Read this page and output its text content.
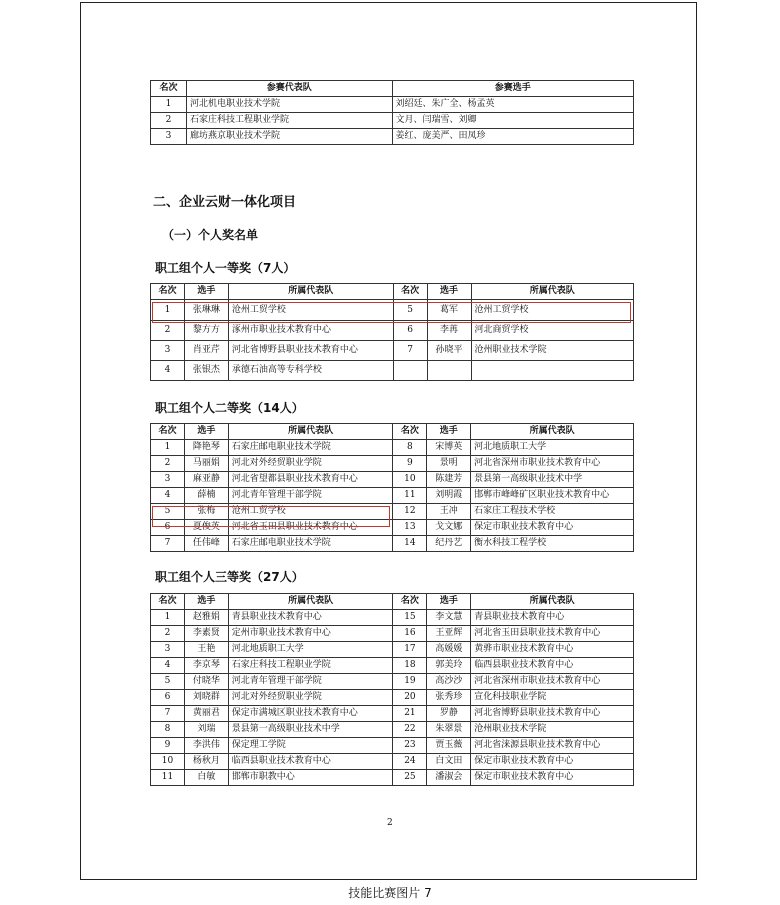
名次	参赛代表队	参赛选手
1	河北机电职业技术学院	刘绍廷、朱广全、杨孟英
2	石家庄科技工程职业学院	文月、闫瑞雪、刘卿
3	廊坊燕京职业技术学院	姜红、庞美严、田凤珍
二、企业云财一体化项目
（一）个人奖名单
职工组个人一等奖（7人）
名次	选手	所属代表队	名次	选手	所属代表队
1	张琳琳	沧州工贸学校	5	葛军	沧州工贸学校
2	黎方方	涿州市职业技术教育中心	6	李苒	河北商贸学校
3	肖亚芹	河北省博野县职业技术教育中心	7	孙晓平	沧州职业技术学院
4	张银杰	承德石油高等专科学校			
职工组个人二等奖（14人）
名次	选手	所属代表队	名次	选手	所属代表队
1	降艳琴	石家庄邮电职业技术学院	8	宋博英	河北地质职工大学
2	马丽娟	河北对外经贸职业学院	9	景明	河北省深州市职业技术教育中心
3	麻亚静	河北省望都县职业技术教育中心	10	陈建芳	景县第一高级职业技术中学
4	薛楠	河北青年管理干部学院	11	刘明霞	邯郸市峰峰矿区职业技术教育中心
5	张梅	沧州工贸学校	12	王冲	石家庄工程技术学校
6	夏俊英	河北省玉田县职业技术教育中心	13	戈文娜	保定市职业技术教育中心
7	任伟峰	石家庄邮电职业技术学院	14	纪丹艺	衡水科技工程学校
职工组个人三等奖（27人）
名次	选手	所属代表队	名次	选手	所属代表队
1	赵雅娟	青县职业技术教育中心	15	李文慧	青县职业技术教育中心
2	李素贤	定州市职业技术教育中心	16	王亚辉	河北省玉田县职业技术教育中心
3	王艳	河北地质职工大学	17	高媛媛	黄骅市职业技术教育中心
4	李京琴	石家庄科技工程职业学院	18	郭美玲	临西县职业技术教育中心
5	付晓华	河北青年管理干部学院	19	高沙沙	河北省深州市职业技术教育中心
6	刘晓群	河北对外经贸职业学院	20	张秀珍	宣化科技职业学院
7	黄丽君	保定市满城区职业技术教育中心	21	罗静	河北省博野县职业技术教育中心
8	刘瑞	景县第一高级职业技术中学	22	朱翠景	沧州职业技术学院
9	李洪伟	保定理工学院	23	贾玉薇	河北省涞源县职业技术教育中心
10	杨秋月	临西县职业技术教育中心	24	白文田	保定市职业技术教育中心
11	白敏	邯郸市职教中心	25	潘淑会	保定市职业技术教育中心
2
技能比赛图片 7
